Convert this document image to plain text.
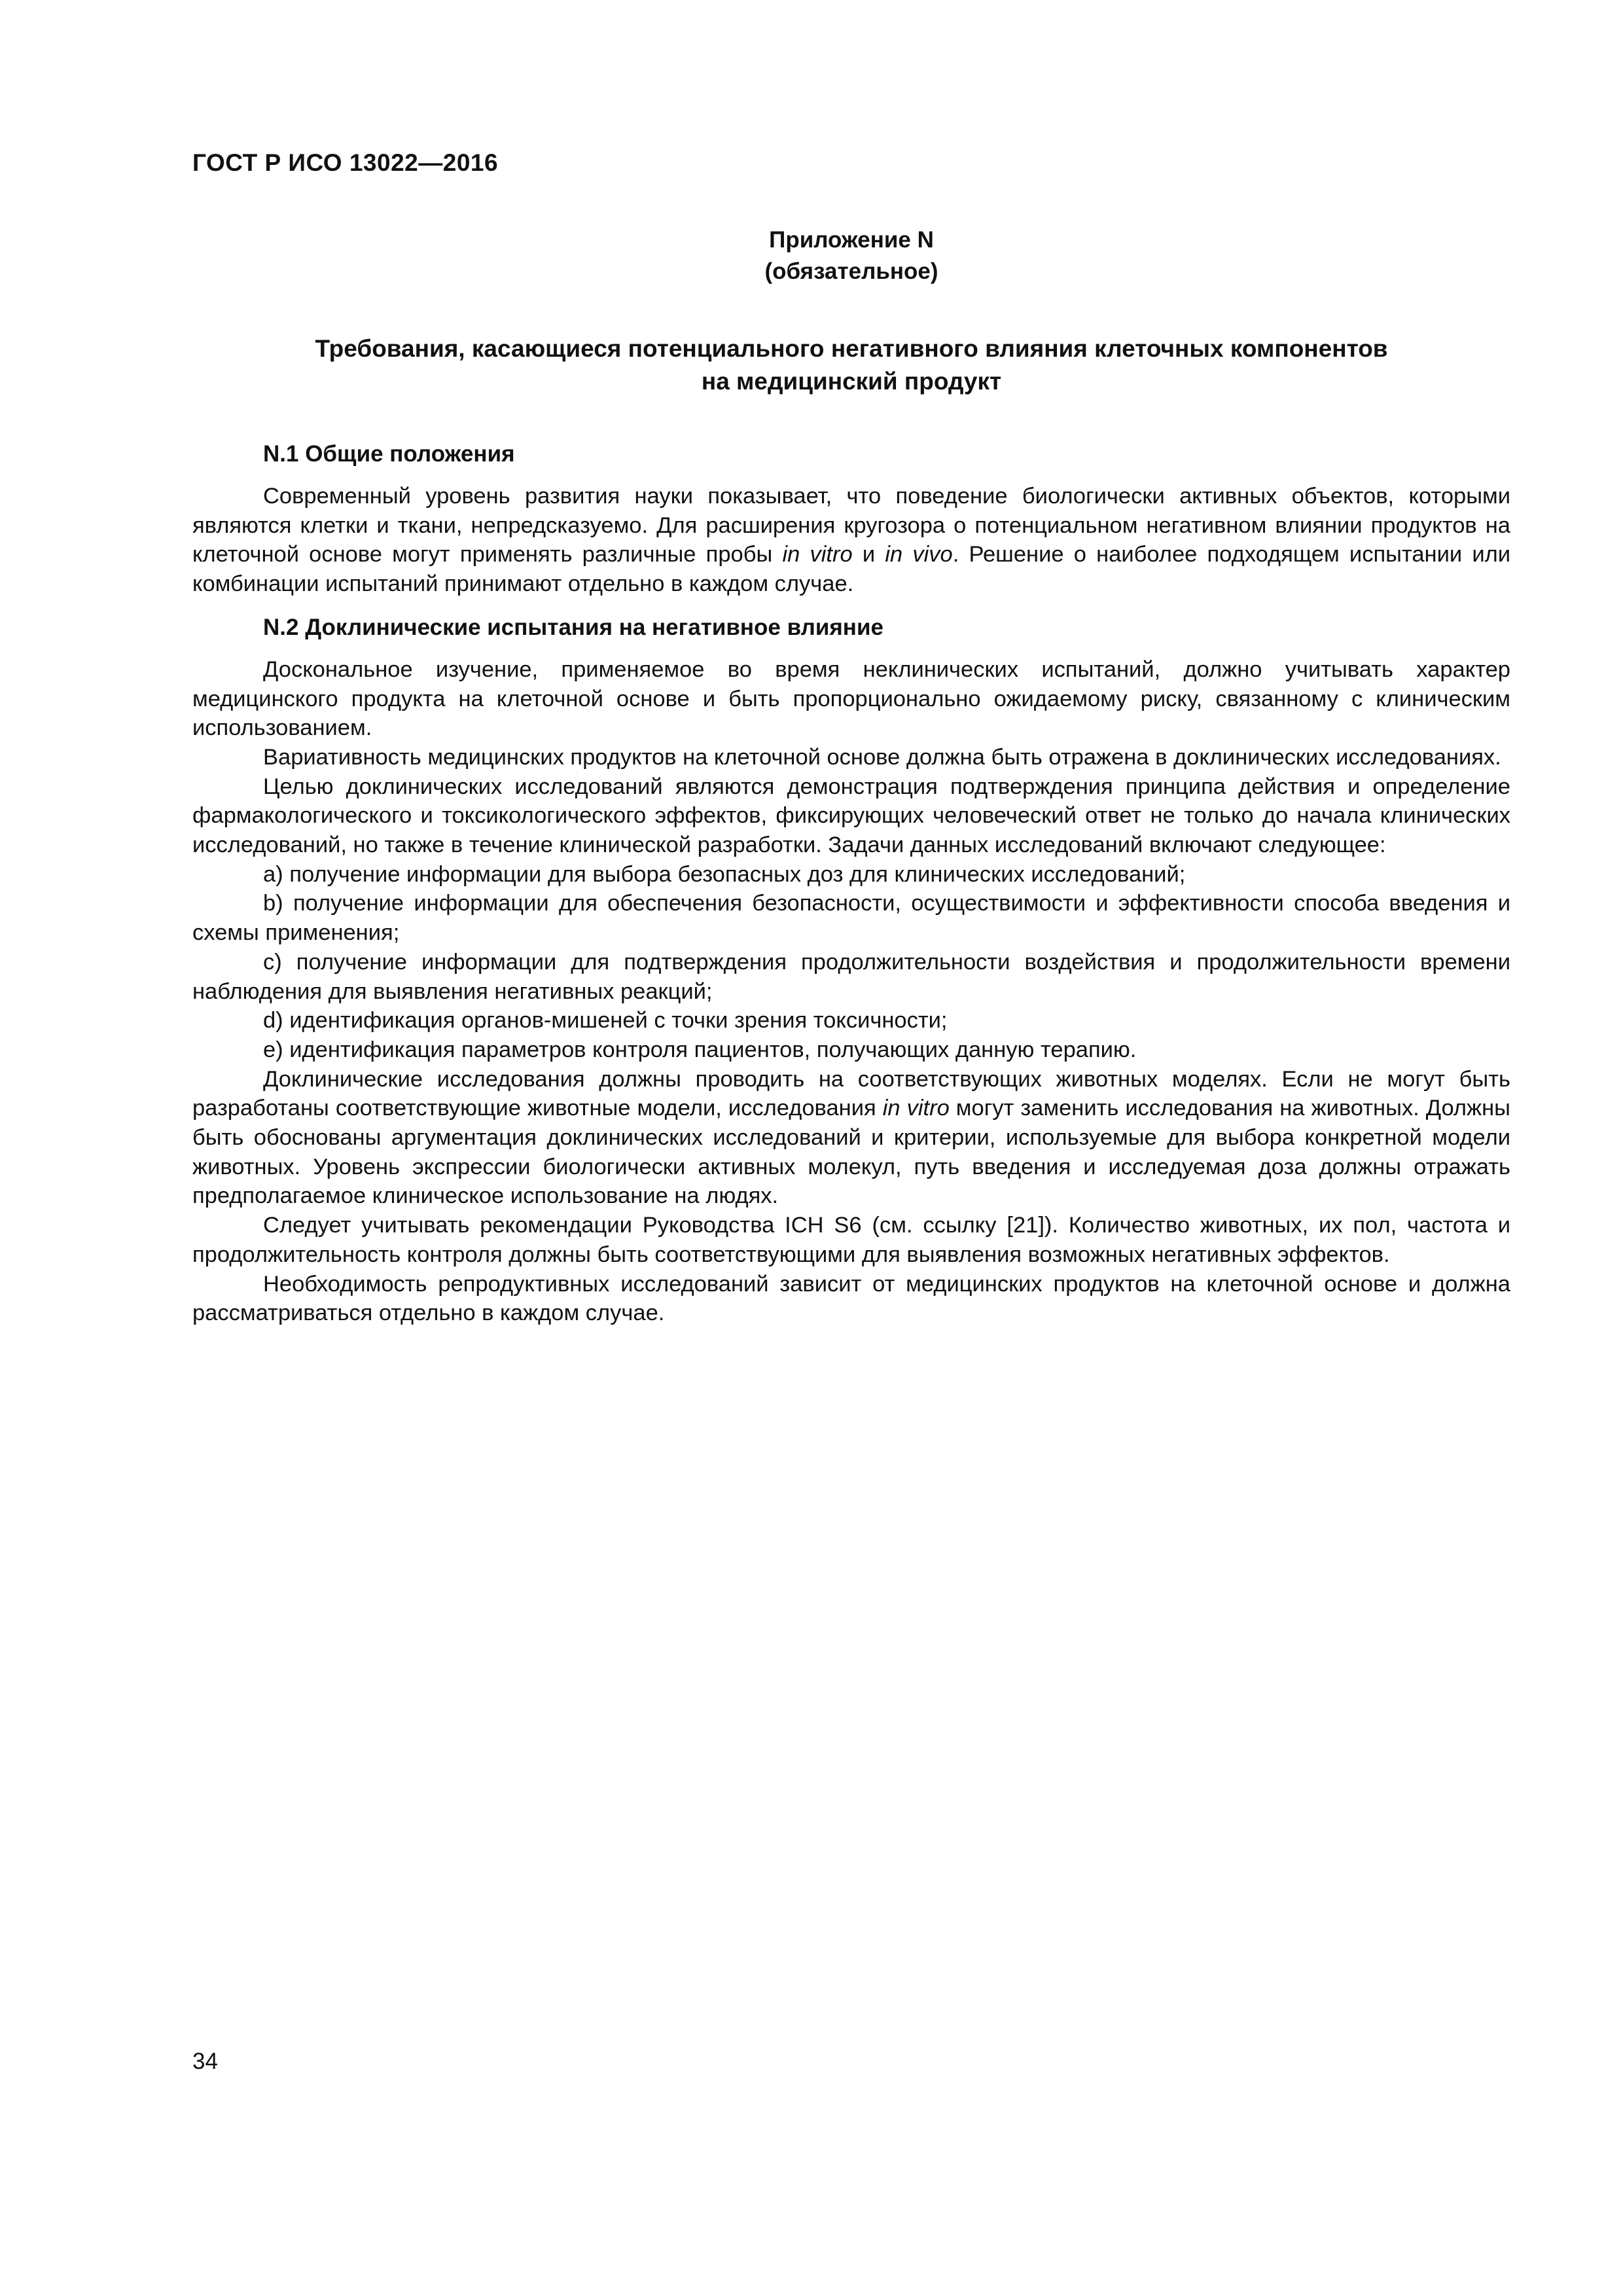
ГОСТ Р ИСО 13022—2016
Приложение N
(обязательное)
Требования, касающиеся потенциального негативного влияния клеточных компонентов
на медицинский продукт
N.1 Общие положения

Современный уровень развития науки показывает, что поведение биологически активных объектов, которыми являются клетки и ткани, непредсказуемо. Для расширения кругозора о потенциальном негативном влиянии продуктов на клеточной основе могут применять различные пробы in vitro и in vivo. Решение о наиболее подходящем испытании или комбинации испытаний принимают отдельно в каждом случае.

N.2 Доклинические испытания на негативное влияние

Доскональное изучение, применяемое во время неклинических испытаний, должно учитывать характер медицинского продукта на клеточной основе и быть пропорционально ожидаемому риску, связанному с клиническим использованием.

Вариативность медицинских продуктов на клеточной основе должна быть отражена в доклинических исследованиях.

Целью доклинических исследований являются демонстрация подтверждения принципа действия и определение фармакологического и токсикологического эффектов, фиксирующих человеческий ответ не только до начала клинических исследований, но также в течение клинической разработки. Задачи данных исследований включают следующее:

a) получение информации для выбора безопасных доз для клинических исследований;

b) получение информации для обеспечения безопасности, осуществимости и эффективности способа введения и схемы применения;

c) получение информации для подтверждения продолжительности воздействия и продолжительности времени наблюдения для выявления негативных реакций;

d) идентификация органов-мишеней с точки зрения токсичности;

e) идентификация параметров контроля пациентов, получающих данную терапию.

Доклинические исследования должны проводить на соответствующих животных моделях. Если не могут быть разработаны соответствующие животные модели, исследования in vitro могут заменить исследования на животных. Должны быть обоснованы аргументация доклинических исследований и критерии, используемые для выбора конкретной модели животных. Уровень экспрессии биологически активных молекул, путь введения и исследуемая доза должны отражать предполагаемое клиническое использование на людях.

Следует учитывать рекомендации Руководства ICH S6 (см. ссылку [21]). Количество животных, их пол, частота и продолжительность контроля должны быть соответствующими для выявления возможных негативных эффектов.

Необходимость репродуктивных исследований зависит от медицинских продуктов на клеточной основе и должна рассматриваться отдельно в каждом случае.

34
